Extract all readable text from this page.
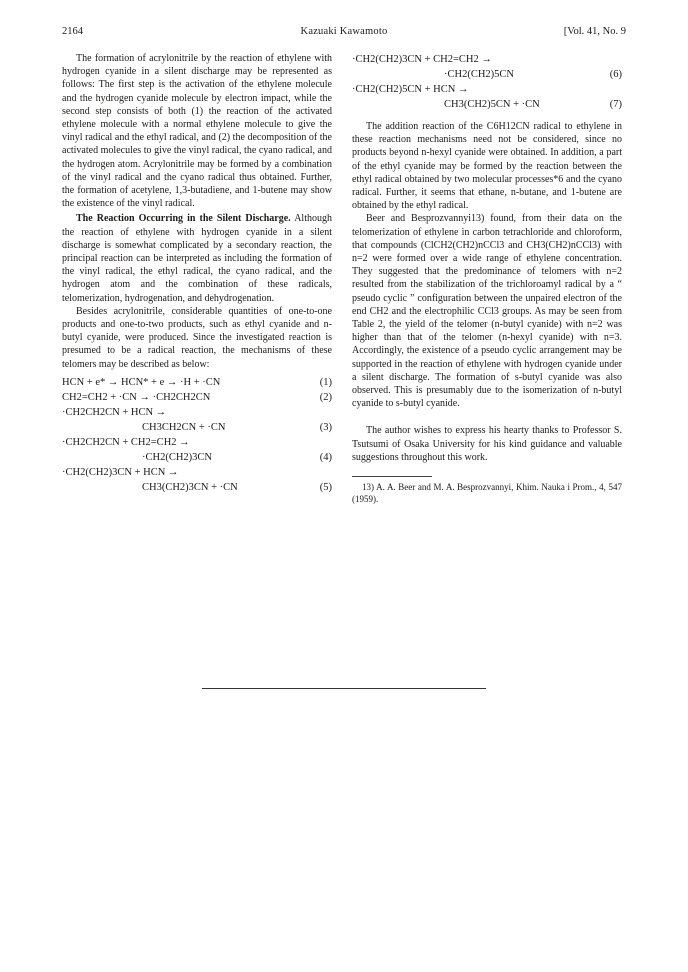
2164	Kazuaki Kawamoto	[Vol. 41, No. 9

The formation of acrylonitrile by the reaction of ethylene with hydrogen cyanide in a silent discharge may be represented as follows: The first step is the activation of the ethylene molecule and the hydrogen cyanide molecule by electron impact, while the second step consists of both (1) the reaction of the activated ethylene molecule with a normal ethylene molecule to give the vinyl radical and the ethyl radical, and (2) the decomposition of the activated molecules to give the vinyl radical, the cyano radical, and the hydrogen atom. Acrylonitrile may be formed by a combination of the vinyl radical and the cyano radical thus obtained. Further, the formation of acetylene, 1,3-butadiene, and 1-butene may show the existence of the vinyl radical.

The Reaction Occurring in the Silent Discharge. Although the reaction of ethylene with hydrogen cyanide in a silent discharge is somewhat complicated by a secondary reaction, the principal reaction can be interpreted as including the formation of the vinyl radical, the ethyl radical, the cyano radical, and the hydrogen atom and the combination of these radicals, telomerization, hydrogenation, and dehydrogenation.

Besides acrylonitrile, considerable quantities of one-to-one products and one-to-two products, such as ethyl cyanide and n-butyl cyanide, were produced. Since the investigated reaction is presumed to be a radical reaction, the mechanisms of these telomers may be described as below:

HCN + e* → HCN* + e → ·H + ·CN	(1)
CH2=CH2 + ·CN → ·CH2CH2CN	(2)
·CH2CH2CN + HCN →
CH3CH2CN + ·CN	(3)
·CH2CH2CN + CH2=CH2 →
·CH2(CH2)3CN	(4)
·CH2(CH2)3CN + HCN →
CH3(CH2)3CN + ·CN	(5)
·CH2(CH2)3CN + CH2=CH2 →
·CH2(CH2)5CN	(6)
·CH2(CH2)5CN + HCN →
CH3(CH2)5CN + ·CN	(7)

The addition reaction of the C6H12CN radical to ethylene in these reaction mechanisms need not be considered, since no products beyond n-hexyl cyanide were obtained. In addition, a part of the ethyl cyanide may be formed by the reaction between the ethyl radical obtained by two molecular processes*6 and the cyano radical. Further, it seems that ethane, n-butane, and 1-butene are obtained by the ethyl radical.

Beer and Besprozvannyi13) found, from their data on the telomerization of ethylene in carbon tetrachloride and chloroform, that compounds (ClCH2(CH2)nCCl3 and CH3(CH2)nCCl3) with n=2 were formed over a wide range of ethylene concentration. They suggested that the predominance of telomers with n=2 resulted from the stabilization of the trichloroamyl radical by a “ pseudo cyclic ” configuration between the unpaired electron of the end CH2 and the electrophilic CCl3 groups. As may be seen from Table 2, the yield of the telomer (n-butyl cyanide) with n=2 was higher than that of the telomer (n-hexyl cyanide) with n=3. Accordingly, the existence of a pseudo cyclic arrangement may be supported in the reaction of ethylene with hydrogen cyanide under a silent discharge. The formation of s-butyl cyanide was also observed. This is presumably due to the isomerization of n-butyl cyanide to s-butyl cyanide.

The author wishes to express his hearty thanks to Professor S. Tsutsumi of Osaka University for his kind guidance and valuable suggestions throughout this work.

13) A. A. Beer and M. A. Besprozvannyi, Khim. Nauka i Prom., 4, 547 (1959).
